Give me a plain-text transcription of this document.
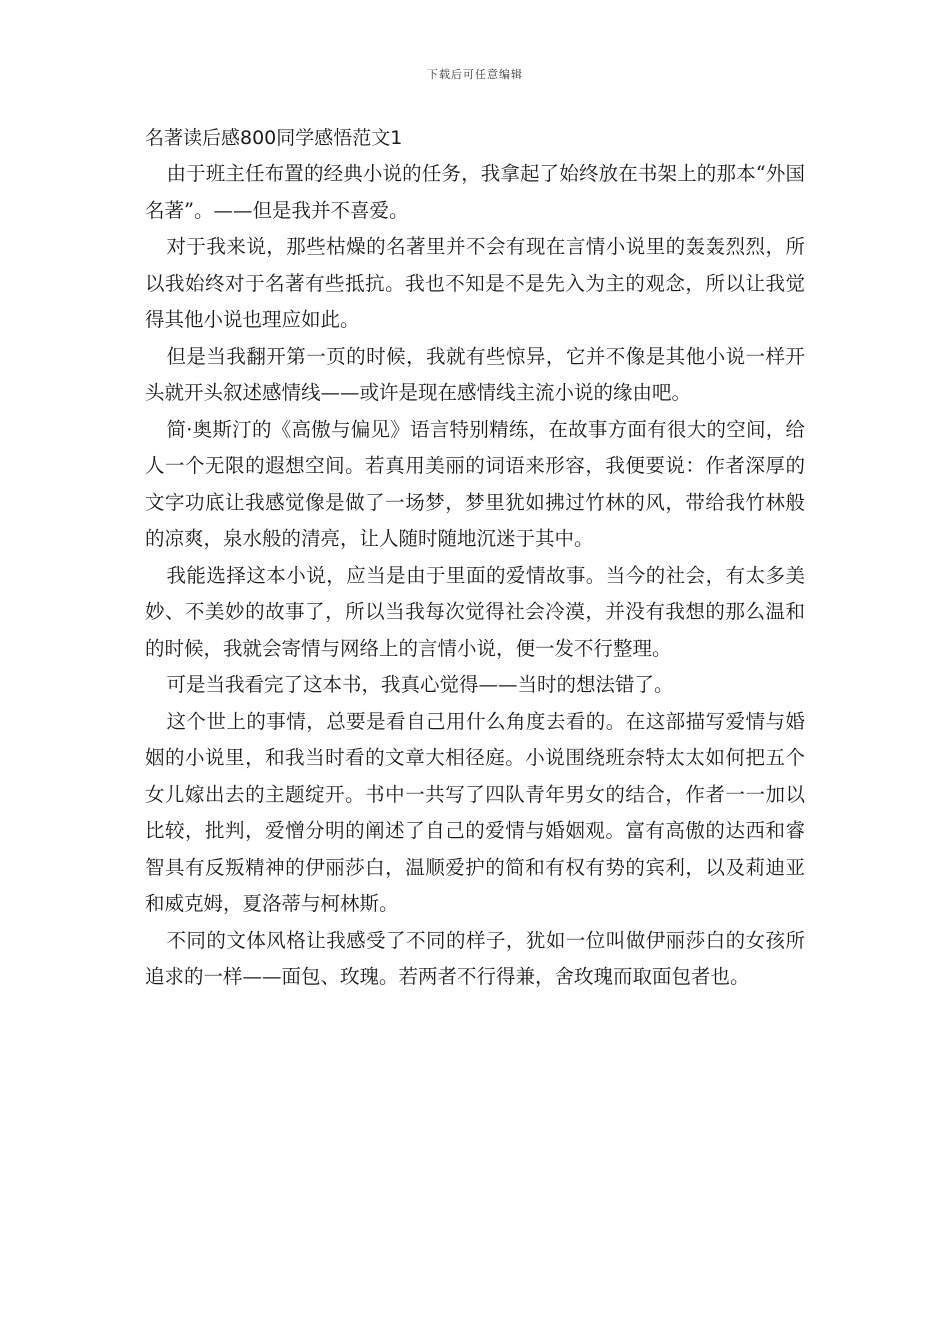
下载后可任意编辑
名著读后感800同学感悟范文1

由于班主任布置的经典小说的任务，我拿起了始终放在书架上的那本“外国名著”。——但是我并不喜爱。

对于我来说，那些枯燥的名著里并不会有现在言情小说里的轰轰烈烈，所以我始终对于名著有些抵抗。我也不知是不是先入为主的观念，所以让我觉得其他小说也理应如此。

但是当我翻开第一页的时候，我就有些惊异，它并不像是其他小说一样开头就开头叙述感情线——或许是现在感情线主流小说的缘由吧。

简·奥斯汀的《高傲与偏见》语言特别精练，在故事方面有很大的空间，给人一个无限的遐想空间。若真用美丽的词语来形容，我便要说：作者深厚的文字功底让我感觉像是做了一场梦，梦里犹如拂过竹林的风，带给我竹林般的凉爽，泉水般的清亮，让人随时随地沉迷于其中。

我能选择这本小说，应当是由于里面的爱情故事。当今的社会，有太多美妙、不美妙的故事了，所以当我每次觉得社会冷漠，并没有我想的那么温和的时候，我就会寄情与网络上的言情小说，便一发不行整理。

可是当我看完了这本书，我真心觉得——当时的想法错了。

这个世上的事情，总要是看自己用什么角度去看的。在这部描写爱情与婚姻的小说里，和我当时看的文章大相径庭。小说围绕班奈特太太如何把五个女儿嫁出去的主题绽开。书中一共写了四队青年男女的结合，作者一一加以比较，批判，爱憎分明的阐述了自己的爱情与婚姻观。富有高傲的达西和睿智具有反叛精神的伊丽莎白，温顺爱护的简和有权有势的宾利，以及莉迪亚和威克姆，夏洛蒂与柯林斯。

不同的文体风格让我感受了不同的样子，犹如一位叫做伊丽莎白的女孩所追求的一样——面包、玫瑰。若两者不行得兼，舍玫瑰而取面包者也。
